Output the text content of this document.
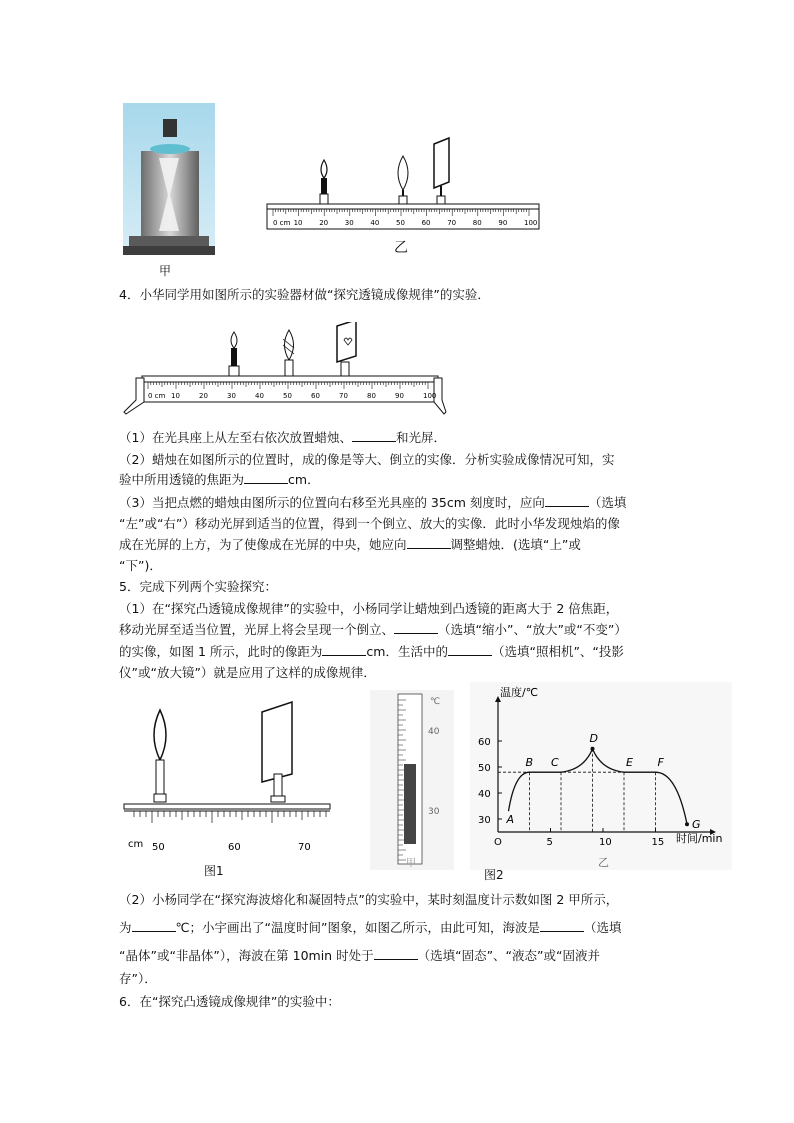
甲
0 cm 10 20 30 40 50 60 70 80 90 100
乙
4．小华同学用如图所示的实验器材做“探究透镜成像规律”的实验．
0 cm 10	20	30	40	50	60	70	80	90	100
（1）在光具座上从左至右依次放置蜡烛、	和光屏．
（2）蜡烛在如图所示的位置时，成的像是等大、倒立的实像．分析实验成像情况可知，实
验中所用透镜的焦距为	cm．
（3）当把点燃的蜡烛由图所示的位置向右移至光具座的 35cm 刻度时，应向	（选填
“左”或“右”）移动光屏到适当的位置，得到一个倒立、放大的实像．此时小华发现烛焰的像
成在光屏的上方，为了使像成在光屏的中央，她应向	调整蜡烛．(选填“上”或
“下”)．
5．完成下列两个实验探究：
（1）在“探究凸透镜成像规律”的实验中，小杨同学让蜡烛到凸透镜的距离大于 2 倍焦距，
移动光屏至适当位置，光屏上将会呈现一个倒立、	（选填“缩小”、“放大”或“不变”）
的实像，如图 1 所示，此时的像距为	cm．生活中的	（选填“照相机”、“投影
仪”或“放大镜”）就是应用了这样的成像规律．
cm 50	60	70
图1
℃
40
30
甲
30
40
50
60
O	5	10	15
A
B C
D
E F
G
温度/℃
时间/min
乙
图2
（2）小杨同学在“探究海波熔化和凝固特点”的实验中，某时刻温度计示数如图 2 甲所示，
为	℃；小宇画出了“温度时间”图象，如图乙所示，由此可知，海波是	（选填
“晶体”或“非晶体”），海波在第 10min 时处于	（选填“固态”、“液态”或“固液并
存”）．
6．在“探究凸透镜成像规律”的实验中：
